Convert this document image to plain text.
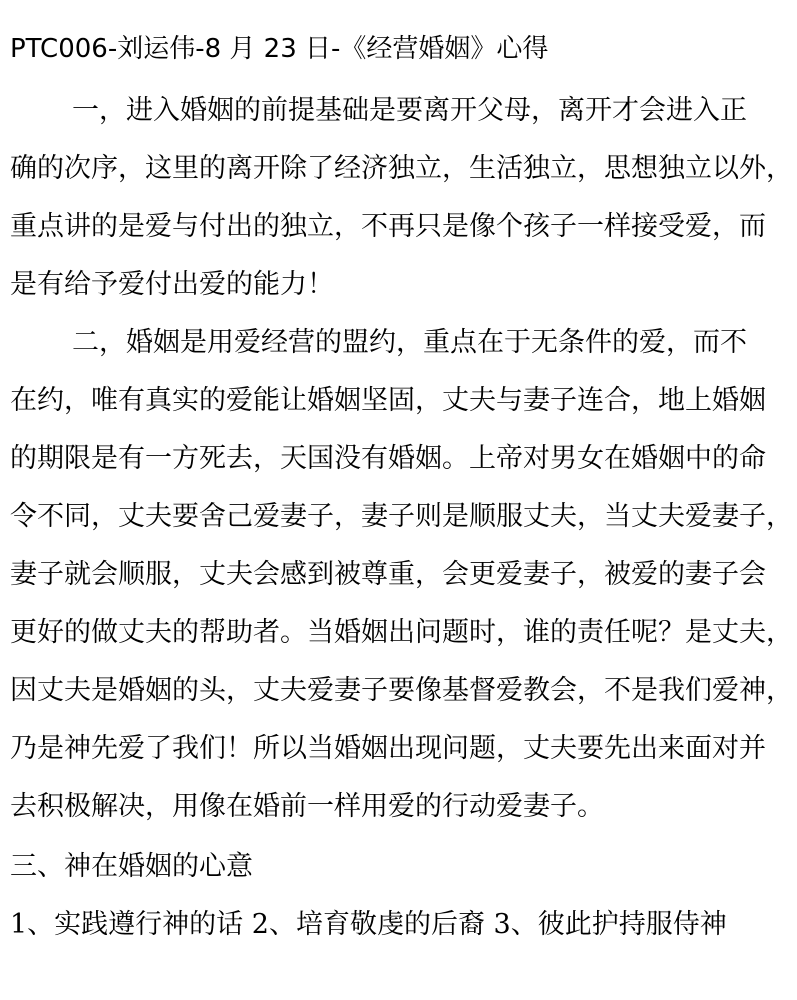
PTC006-刘运伟-8 月 23 日-《经营婚姻》心得
一，进入婚姻的前提基础是要离开父母，离开才会进入正
确的次序，这里的离开除了经济独立，生活独立，思想独立以外，
重点讲的是爱与付出的独立，不再只是像个孩子一样接受爱，而
是有给予爱付出爱的能力！
二，婚姻是用爱经营的盟约，重点在于无条件的爱，而不
在约，唯有真实的爱能让婚姻坚固，丈夫与妻子连合，地上婚姻
的期限是有一方死去，天国没有婚姻。上帝对男女在婚姻中的命
令不同，丈夫要舍己爱妻子，妻子则是顺服丈夫，当丈夫爱妻子，
妻子就会顺服，丈夫会感到被尊重，会更爱妻子，被爱的妻子会
更好的做丈夫的帮助者。当婚姻出问题时，谁的责任呢？是丈夫，
因丈夫是婚姻的头，丈夫爱妻子要像基督爱教会，不是我们爱神，
乃是神先爱了我们！所以当婚姻出现问题，丈夫要先出来面对并
去积极解决，用像在婚前一样用爱的行动爱妻子。
三、神在婚姻的心意
1、实践遵行神的话 2、培育敬虔的后裔 3、彼此护持服侍神
